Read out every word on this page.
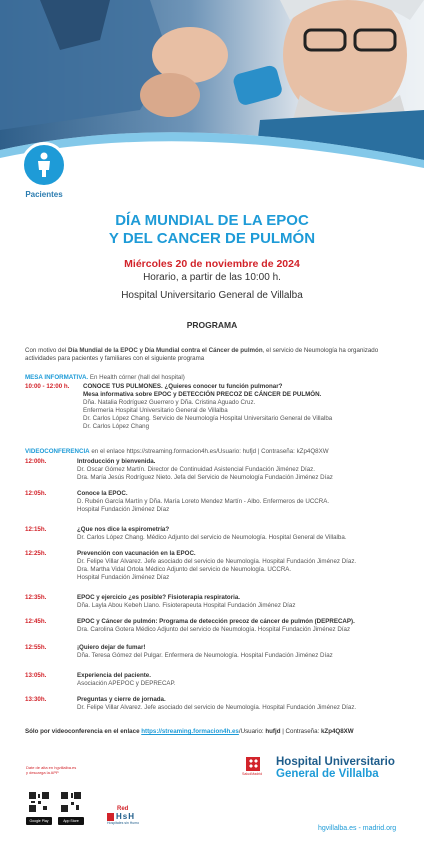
Pacientes
DÍA MUNDIAL DE LA EPOC
Y DEL CANCER DE PULMÓN
Miércoles 20 de noviembre de 2024
Horario, a partir de las 10:00 h.
Hospital Universitario General de Villalba
PROGRAMA
Con motivo del Día Mundial de la EPOC y Día Mundial contra el Cáncer de pulmón, el servicio de Neumología ha organizado actividades para pacientes y familiares con el siguiente programa
MESA INFORMATIVA. En Health córner (hall del hospital)
10:00 - 12:00 h. CONOCE TUS PULMONES. ¿Quieres conocer tu función pulmonar?
Mesa informativa sobre EPOC y DETECCIÓN PRECOZ DE CÁNCER DE PULMÓN.
Dña. Natalia Rodríguez Guerrero y Dña. Cristina Aguado Cruz.
Enfermería Hospital Universitario General de Villalba
Dr. Carlos López Chang. Servicio de Neumología Hospital Universitario General de Villalba
Dr. Carlos López Chang
VIDEOCONFERENCIA en el enlace https://streaming.formacion4h.es/Usuario: hufjd | Contraseña: kZp4Q8XW
12:00h.	Introducción y bienvenida.
Dr. Oscar Gómez Martín. Director de Continuidad Asistencial Fundación Jiménez Díaz.
Dra. María Jesús Rodríguez Nieto. Jefa del Servicio de Neumología Fundación Jiménez Díaz
12:05h.	Conoce la EPOC.
D. Rubén García Martín y Dña. María Loreto Mendez Martín - Albo. Enfermeros de UCCRA.
Hospital Fundación Jiménez Díaz
12:15h.	¿Que nos dice la espirometría?
Dr. Carlos López Chang. Médico Adjunto del servicio de Neumología. Hospital General de Villalba.
12:25h.	Prevención con vacunación en la EPOC.
Dr. Felipe Villar Alvarez. Jefe asociado del servicio de Neumología. Hospital Fundación Jiménez Díaz.
Dra. Martha Vidal Ortola Médico Adjunto del servicio de Neumología. UCCRA.
Hospital Fundación Jiménez Díaz
12:35h.	EPOC y ejercicio ¿es posible? Fisioterapia respiratoria.
Dña. Layla Abou Kebeh Llano. Fisioterapeuta Hospital Fundación Jiménez Díaz
12:45h.	EPOC y Cáncer de pulmón: Programa de detección precoz de cáncer de pulmón (DEPRECAP).
Dra. Carolina Gotera Médico Adjunto del servicio de Neumología. Hospital Fundación Jiménez Díaz
12:55h.	¡Quiero dejar de fumar!
Dña. Teresa Gómez del Pulgar. Enfermera de Neumología. Hospital Fundación Jiménez Díaz
13:05h.	Experiencia del paciente.
Asociación APEPOC y DEPRECAP.
13:30h.	Preguntas y cierre de jornada.
Dr. Felipe Villar Alvarez. Jefe asociado del servicio de Neumología. Hospital Fundación Jiménez Díaz.
Sólo por videoconferencia en el enlace https://streaming.formacion4h.es/Usuario: hufjd | Contraseña: kZp4Q8XW
Date de alta en hgvillalba.es
y descarga la APP
Google Play	App Store
Red
HsH
Hospitales sin Humo
SaludMadrid
Hospital Universitario
General de Villalba
hgvillalba.es - madrid.org
